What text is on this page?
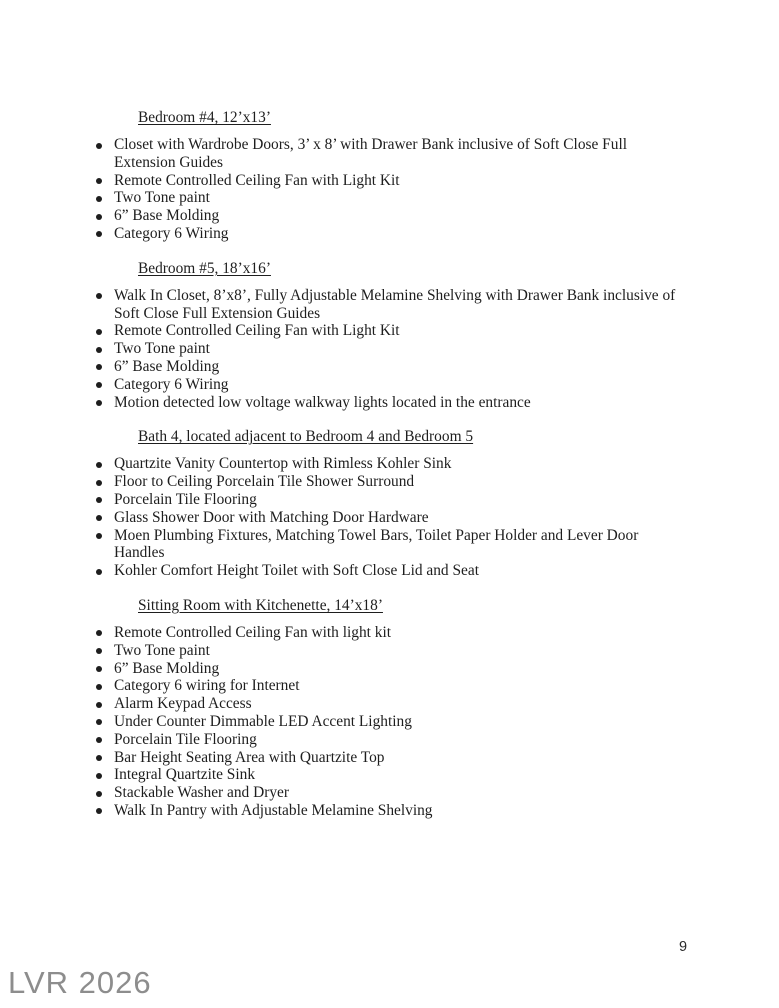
Bedroom #4, 12’x13’
Closet with Wardrobe Doors, 3’ x 8’ with Drawer Bank inclusive of Soft Close Full Extension Guides
Remote Controlled Ceiling Fan with Light Kit
Two Tone paint
6” Base Molding
Category 6 Wiring
Bedroom #5, 18’x16’
Walk In Closet, 8’x8’, Fully Adjustable Melamine Shelving with Drawer Bank inclusive of Soft Close Full Extension Guides
Remote Controlled Ceiling Fan with Light Kit
Two Tone paint
6” Base Molding
Category 6 Wiring
Motion detected low voltage walkway lights located in the entrance
Bath 4, located adjacent to Bedroom 4 and Bedroom 5
Quartzite Vanity Countertop with Rimless Kohler Sink
Floor to Ceiling Porcelain Tile Shower Surround
Porcelain Tile Flooring
Glass Shower Door with Matching Door Hardware
Moen Plumbing Fixtures, Matching Towel Bars, Toilet Paper Holder and Lever Door Handles
Kohler Comfort Height Toilet with Soft Close Lid and Seat
Sitting Room with Kitchenette, 14’x18’
Remote Controlled Ceiling Fan with light kit
Two Tone paint
6” Base Molding
Category 6 wiring for Internet
Alarm Keypad Access
Under Counter Dimmable LED Accent Lighting
Porcelain Tile Flooring
Bar Height Seating Area with Quartzite Top
Integral Quartzite Sink
Stackable Washer and Dryer
Walk In Pantry with Adjustable Melamine Shelving
9
LVR 2026
